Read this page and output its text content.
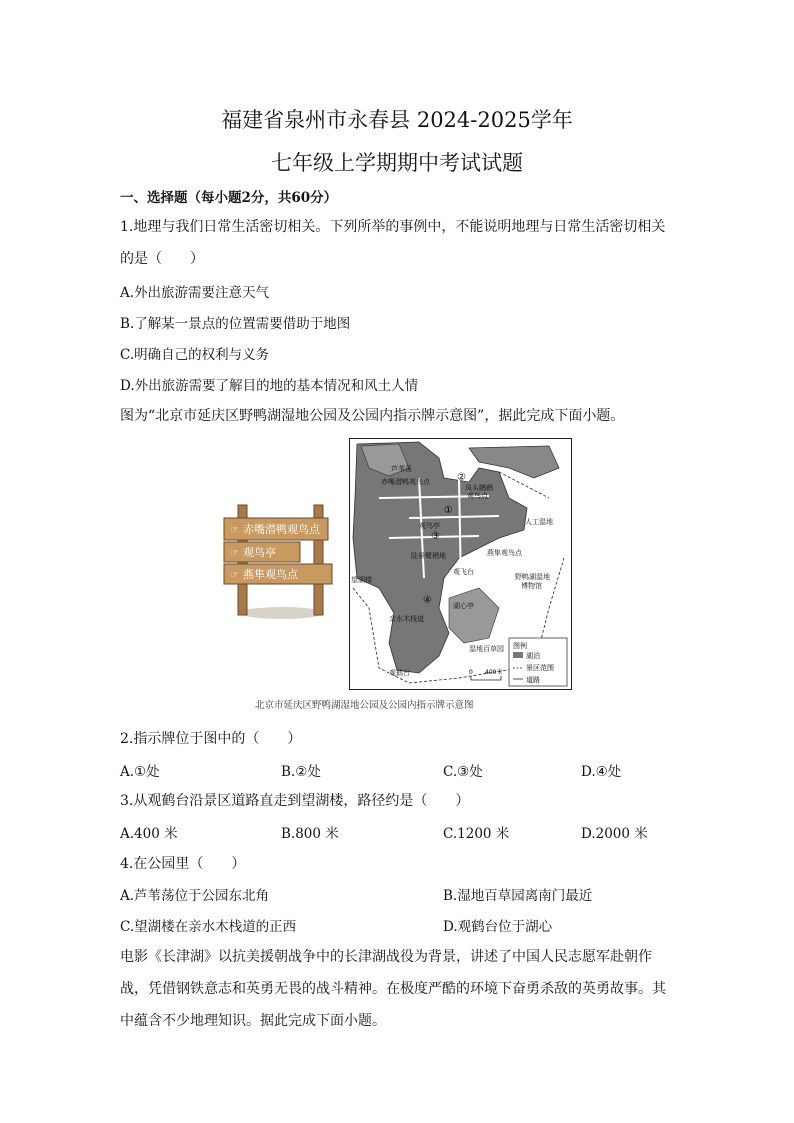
福建省泉州市永春县 2024-2025学年
七年级上学期期中考试试题
一、选择题（每小题2分，共60分）
1.地理与我们日常生活密切相关。下列所举的事例中，不能说明地理与日常生活密切相关
的是（　　）
A.外出旅游需要注意天气
B.了解某一景点的位置需要借助于地图
C.明确自己的权利与义务
D.外出旅游需要了解目的地的基本情况和风土人情
图为“北京市延庆区野鸭湖湿地公园及公园内指示牌示意图”，据此完成下面小题。
☞
☞
☞
赤嘴潜鸭观鸟点
观鸟亭
燕隼观鸟点
芦苇荡
赤嘴潜鸭观鸟点
凤头䴙䴘
观鸟点
人工湿地
观鸟亭
陆景鹭栖地	燕隼观鸟点
望湖楼
观飞台
野鸭湖湿地
博物馆
湖心亭
亲水木栈道
湿地百草园
观鹤台
①
②
③
④
图例
湖泊
景区范围
道路
0 400米
北京市延庆区野鸭湖湿地公园及公园内指示牌示意图
2.指示牌位于图中的（　　）
A.①处	B.②处	C.③处	D.④处
3.从观鹤台沿景区道路直走到望湖楼，路径约是（　　）
A.400 米	B.800 米	C.1200 米	D.2000 米
4.在公园里（　　）
A.芦苇荡位于公园东北角	B.湿地百草园离南门最近
C.望湖楼在亲水木栈道的正西	D.观鹤台位于湖心
电影《长津湖》以抗美援朝战争中的长津湖战役为背景，讲述了中国人民志愿军赴朝作
战，凭借钢铁意志和英勇无畏的战斗精神。在极度严酷的环境下奋勇杀敌的英勇故事。其
中蕴含不少地理知识。据此完成下面小题。
